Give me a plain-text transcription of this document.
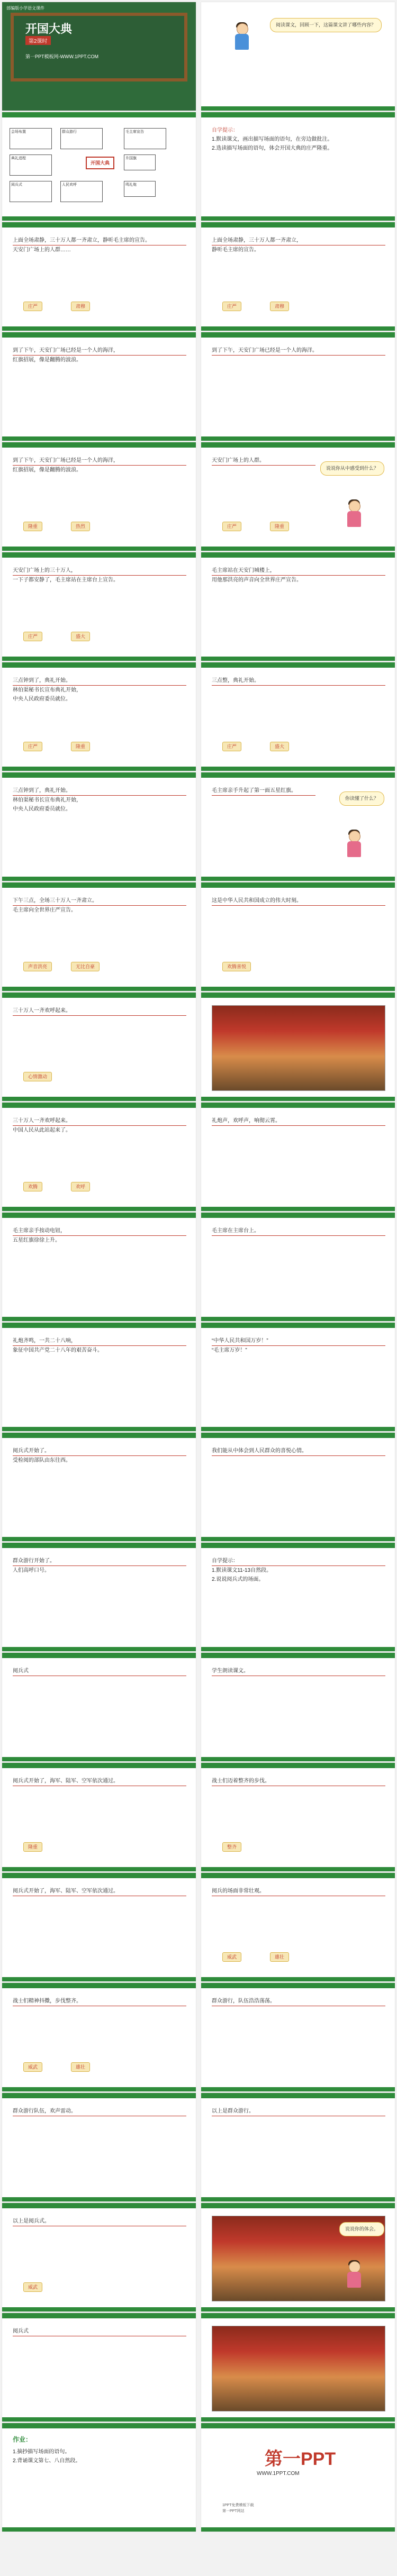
部编版小学语文课件
开国大典
第2课时
第一PPT模板网-WWW.1PPT.COM
阅读课文，回顾一下，这篇课文讲了哪些内容？
开国大典
会场布置
典礼进程
阅兵式
群众游行	毛主席宣告
升国旗
鸣礼炮
人民欢呼
自学提示：
1.默读课文，画出描写场面的语句，在旁边做批注。
2.选读描写场面的语句，体会开国大典的庄严隆重。
上面全场肃静，三十万人都一齐肃立，静听毛主席的宣告。
天安门广场上的人群……
庄严	肃穆
到了下午，天安门广场已经是一个人的海洋，
红旗招展，像是翻腾的波浪。
到了下午，天安门广场已经是一个人的海洋，
红旗招展，像是翻腾的波浪。
隆重	热烈
天安门广场上的三十万人，
一下子都安静了，毛主席站在主席台上宣告。
庄严	盛大
三点钟到了，典礼开始。
林伯渠秘书长宣布典礼开始，
中央人民政府委员就位。
庄严	隆重
三点钟到了，典礼开始。
林伯渠秘书长宣布典礼开始，
中央人民政府委员就位。
下午三点，全场三十万人一齐肃立。
毛主席向全世界庄严宣告。
声音洪亮	无比自豪
三十万人一齐欢呼起来。
心情激动
三十万人一齐欢呼起来。
中国人民从此站起来了。
欢腾	欢呼
毛主席亲手按动电钮，
五星红旗徐徐上升。
礼炮齐鸣，一共二十八响，
象征中国共产党二十八年的艰苦奋斗。
阅兵式开始了。
受检阅的部队由东往西。
群众游行开始了。
人们高呼口号。
阅兵式
阅兵式开始了，海军、陆军、空军依次通过。
隆重
阅兵式开始了，海军、陆军、空军依次通过。
战士们精神抖擞，步伐整齐。
威武	雄壮
群众游行队伍，欢声雷动。
以上是阅兵式。
威武
阅兵式
作业：
1.摘抄描写场面的语句。
2.背诵课文第七、八自然段。
上面全场肃静，三十万人都一齐肃立，
静听毛主席的宣告。
庄严	肃穆
到了下午，天安门广场已经是一个人的海洋。
天安门广场上的人群。
庄严	隆重
说说你从中感受到什么？
毛主席站在天安门城楼上，
用他那洪亮的声音向全世界庄严宣告。
三点整，典礼开始。
庄严	盛大
毛主席亲手升起了第一面五星红旗。
你读懂了什么？
这是中华人民共和国成立的伟大时刻。
欢腾喜悦
礼炮声，欢呼声，响彻云霄。
毛主席在主席台上。
“中华人民共和国万岁！”
“毛主席万岁！”
我们能从中体会到人民群众的喜悦心情。
自学提示：
1.默读课文11-13自然段。
2.说说阅兵式的场面。
学生朗读课文。
战士们迈着整齐的步伐。
整齐
阅兵的场面非常壮观。
威武	雄壮
群众游行，队伍浩浩荡荡。
以上是群众游行。
说说你的体会。
第一PPT
WWW.1PPT.COM
1PPT免费模板下载
第一PPT网站
